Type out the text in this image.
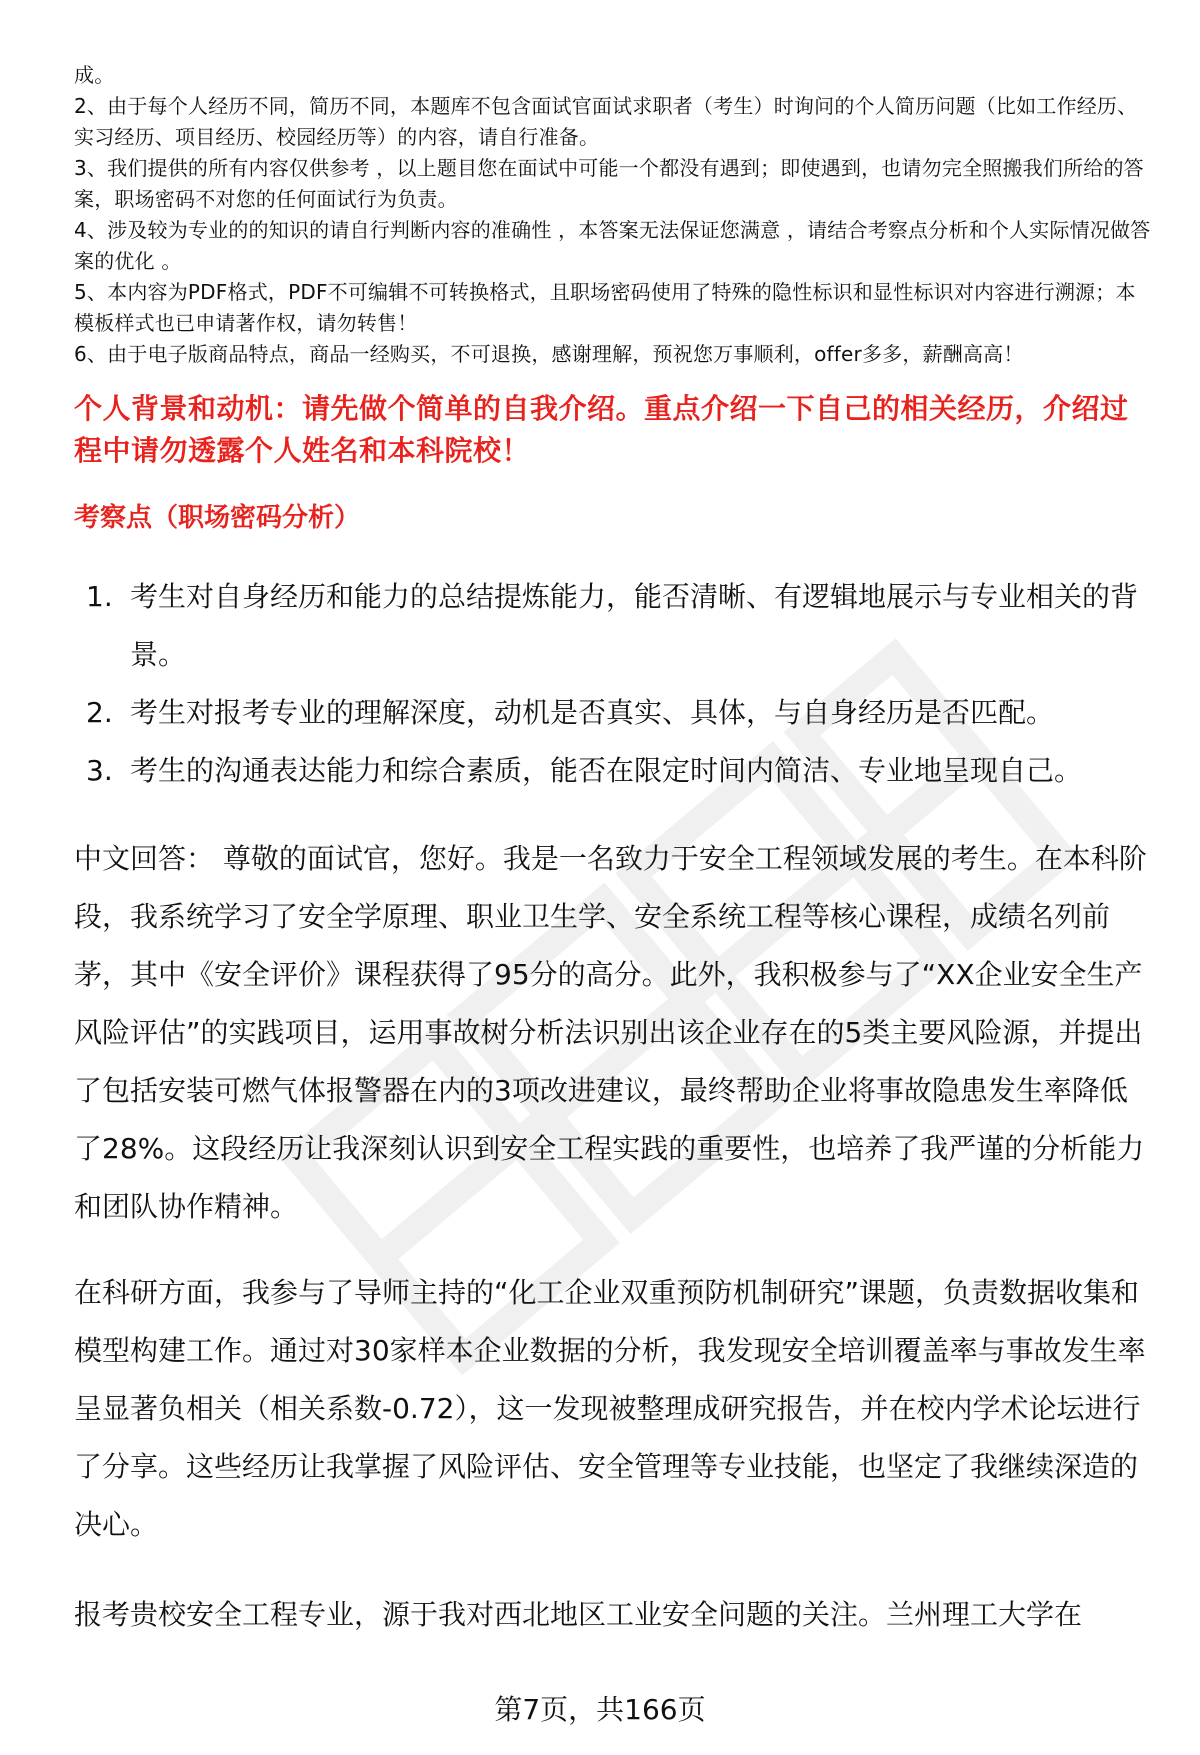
成。

2、由于每个人经历不同，简历不同，本题库不包含面试官面试求职者（考生）时询问的个人简历问题（比如工作经历、实习经历、项目经历、校园经历等）的内容，请自行准备。

3、我们提供的所有内容仅供参考 ，以上题目您在面试中可能一个都没有遇到；即使遇到，也请勿完全照搬我们所给的答案，职场密码不对您的任何面试行为负责。

4、涉及较为专业的的知识的请自行判断内容的准确性 ，本答案无法保证您满意 ，请结合考察点分析和个人实际情况做答案的优化 。

5、本内容为PDF格式，PDF不可编辑不可转换格式，且职场密码使用了特殊的隐性标识和显性标识对内容进行溯源；本模板样式也已申请著作权，请勿转售！

6、由于电子版商品特点，商品一经购买，不可退换，感谢理解，预祝您万事顺利，offer多多，薪酬高高！

个人背景和动机：请先做个简单的自我介绍。重点介绍一下自己的相关经历，介绍过程中请勿透露个人姓名和本科院校！
考察点（职场密码分析）
1. 考生对自身经历和能力的总结提炼能力，能否清晰、有逻辑地展示与专业相关的背景。
2. 考生对报考专业的理解深度，动机是否真实、具体，与自身经历是否匹配。
3. 考生的沟通表达能力和综合素质，能否在限定时间内简洁、专业地呈现自己。

中文回答： 尊敬的面试官，您好。我是一名致力于安全工程领域发展的考生。在本科阶段，我系统学习了安全学原理、职业卫生学、安全系统工程等核心课程，成绩名列前茅，其中《安全评价》课程获得了95分的高分。此外，我积极参与了“XX企业安全生产风险评估”的实践项目，运用事故树分析法识别出该企业存在的5类主要风险源，并提出了包括安装可燃气体报警器在内的3项改进建议，最终帮助企业将事故隐患发生率降低了28%。这段经历让我深刻认识到安全工程实践的重要性，也培养了我严谨的分析能力和团队协作精神。

在科研方面，我参与了导师主持的“化工企业双重预防机制研究”课题，负责数据收集和模型构建工作。通过对30家样本企业数据的分析，我发现安全培训覆盖率与事故发生率呈显著负相关（相关系数-0.72），这一发现被整理成研究报告，并在校内学术论坛进行了分享。这些经历让我掌握了风险评估、安全管理等专业技能，也坚定了我继续深造的决心。

报考贵校安全工程专业，源于我对西北地区工业安全问题的关注。兰州理工大学在

第7页，共166页
